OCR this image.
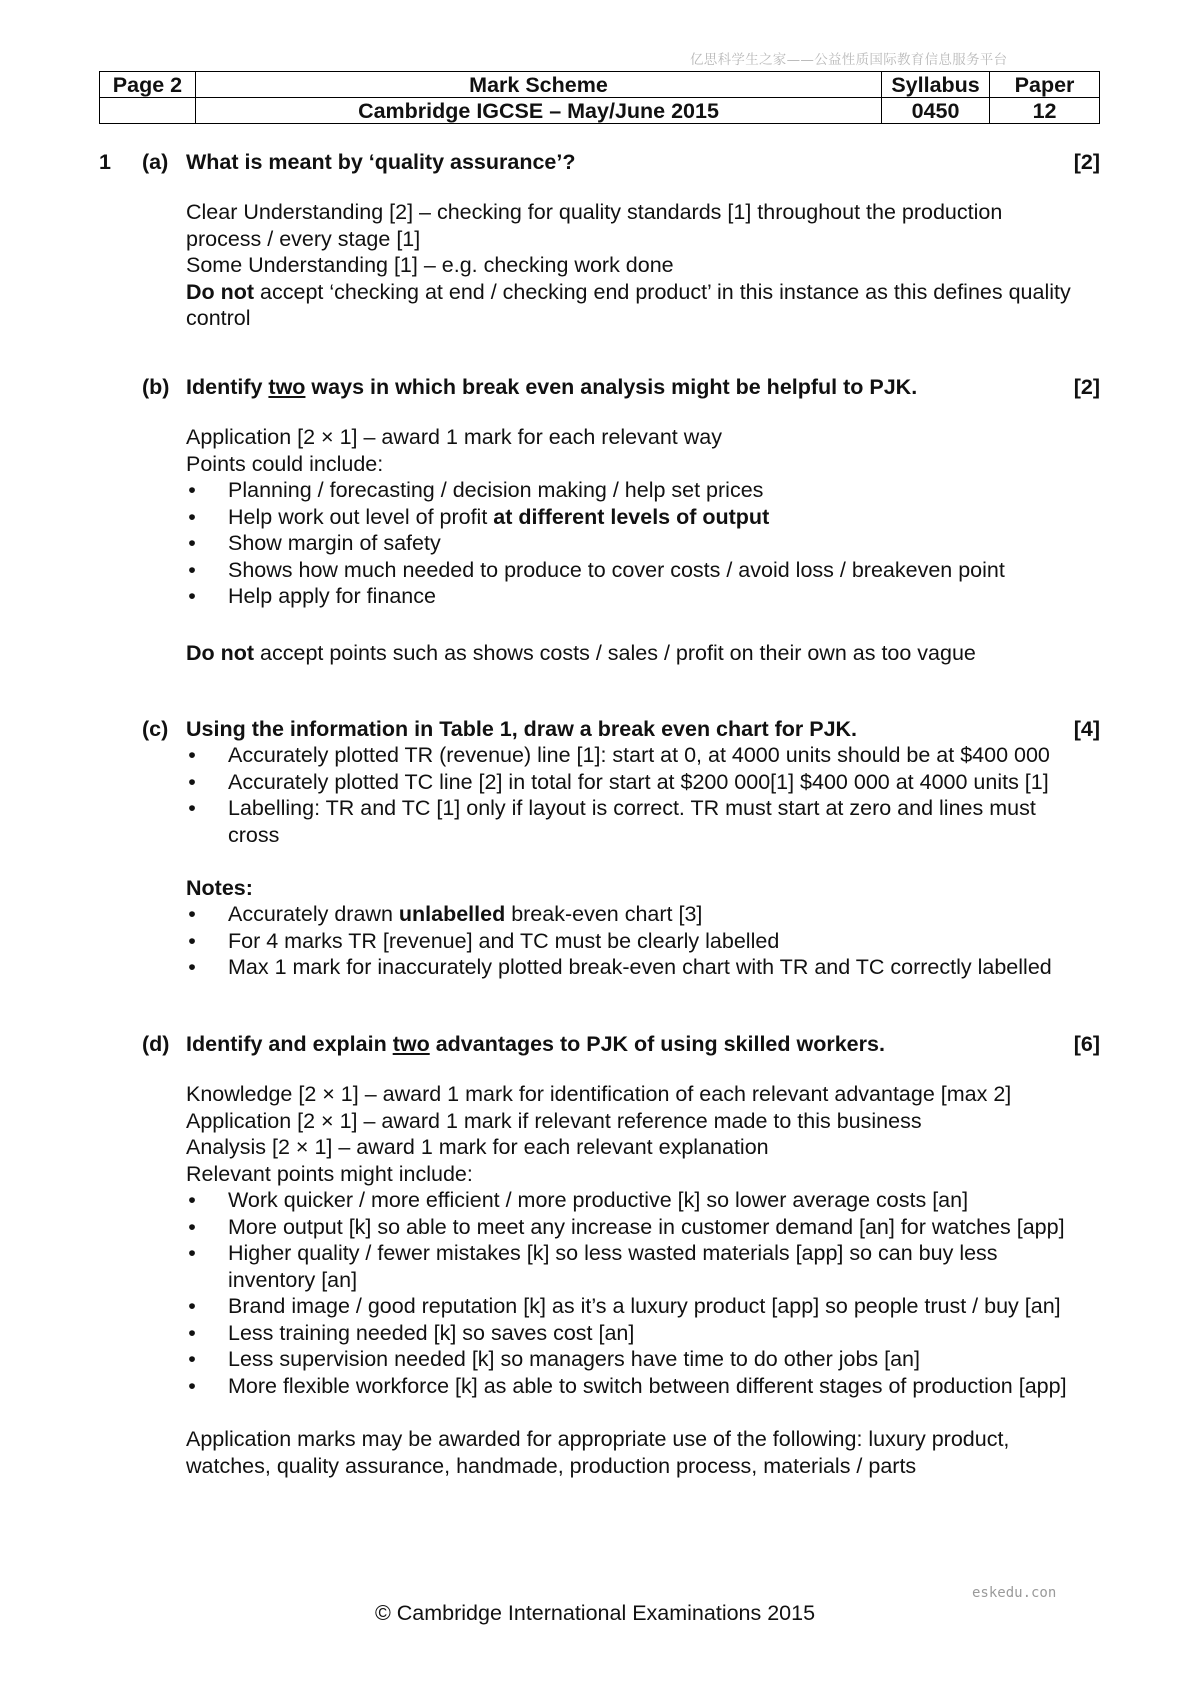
亿思科学生之家——公益性质国际教育信息服务平台
Page 2	Mark Scheme	Syllabus	Paper
	Cambridge IGCSE – May/June 2015	0450	12
1 (a) What is meant by ‘quality assurance’?	[2]
Clear Understanding [2] – checking for quality standards [1] throughout the production
process / every stage [1]
Some Understanding [1] – e.g. checking work done
Do not accept ‘checking at end / checking end product’ in this instance as this defines quality
control
(b) Identify two ways in which break even analysis might be helpful to PJK.	[2]
Application [2 × 1] – award 1 mark for each relevant way
Points could include:
• Planning / forecasting / decision making / help set prices
• Help work out level of profit at different levels of output
• Show margin of safety
• Shows how much needed to produce to cover costs / avoid loss / breakeven point
• Help apply for finance
Do not accept points such as shows costs / sales / profit on their own as too vague
(c) Using the information in Table 1, draw a break even chart for PJK.	[4]
• Accurately plotted TR (revenue) line [1]: start at 0, at 4000 units should be at $400 000
• Accurately plotted TC line [2] in total for start at $200 000[1] $400 000 at 4000 units [1]
• Labelling: TR and TC [1] only if layout is correct. TR must start at zero and lines must
cross
Notes:
• Accurately drawn unlabelled break-even chart [3]
• For 4 marks TR [revenue] and TC must be clearly labelled
• Max 1 mark for inaccurately plotted break-even chart with TR and TC correctly labelled
(d) Identify and explain two advantages to PJK of using skilled workers.	[6]
Knowledge [2 × 1] – award 1 mark for identification of each relevant advantage [max 2]
Application [2 × 1] – award 1 mark if relevant reference made to this business
Analysis [2 × 1] – award 1 mark for each relevant explanation
Relevant points might include:
• Work quicker / more efficient / more productive [k] so lower average costs [an]
• More output [k] so able to meet any increase in customer demand [an] for watches [app]
• Higher quality / fewer mistakes [k] so less wasted materials [app] so can buy less
inventory [an]
• Brand image / good reputation [k] as it’s a luxury product [app] so people trust / buy [an]
• Less training needed [k] so saves cost [an]
• Less supervision needed [k] so managers have time to do other jobs [an]
• More flexible workforce [k] as able to switch between different stages of production [app]
Application marks may be awarded for appropriate use of the following: luxury product,
watches, quality assurance, handmade, production process, materials / parts
eskedu.con
© Cambridge International Examinations 2015
